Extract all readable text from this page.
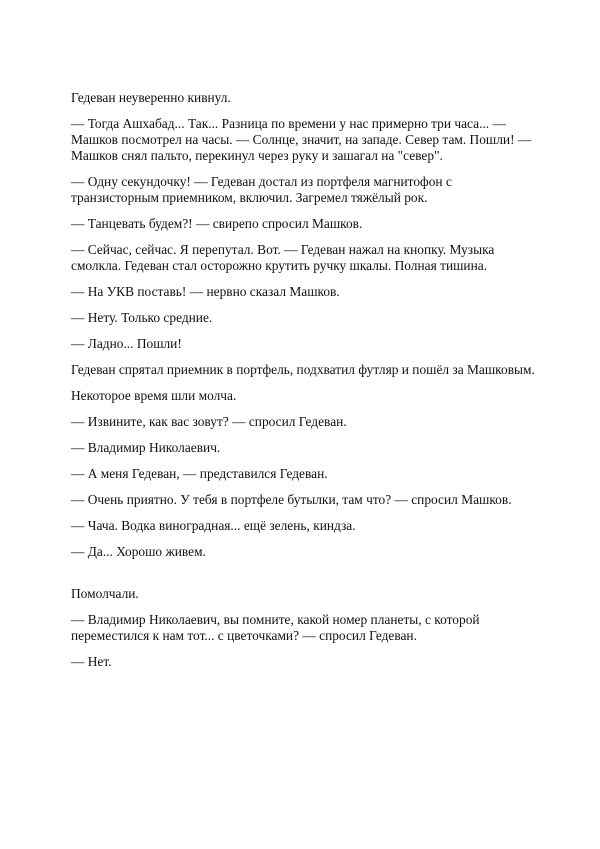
Гедеван неуверенно кивнул.

— Тогда Ашхабад... Так... Разница по времени у нас примерно три часа... — Машков посмотрел на часы. — Солнце, значит, на западе. Север там. Пошли! — Машков снял пальто, перекинул через руку и зашагал на "север".

— Одну секундочку! — Гедеван достал из портфеля магнитофон с транзисторным приемником, включил. Загремел тяжёлый рок.

— Танцевать будем?! — свирепо спросил Машков.

— Сейчас, сейчас. Я перепутал. Вот. — Гедеван нажал на кнопку. Музыка смолкла. Гедеван стал осторожно крутить ручку шкалы. Полная тишина.

— На УКВ поставь! — нервно сказал Машков.

— Нету. Только средние.

— Ладно... Пошли!

Гедеван спрятал приемник в портфель, подхватил футляр и пошёл за Машковым.

Некоторое время шли молча.

— Извините, как вас зовут? — спросил Гедеван.

— Владимир Николаевич.

— А меня Гедеван, — представился Гедеван.

— Очень приятно. У тебя в портфеле бутылки, там что? — спросил Машков.

— Чача. Водка виноградная... ещё зелень, киндза.

— Да... Хорошо живем.

Помолчали.

— Владимир Николаевич, вы помните, какой номер планеты, с которой переместился к нам тот... с цветочками? — спросил Гедеван.

— Нет.
